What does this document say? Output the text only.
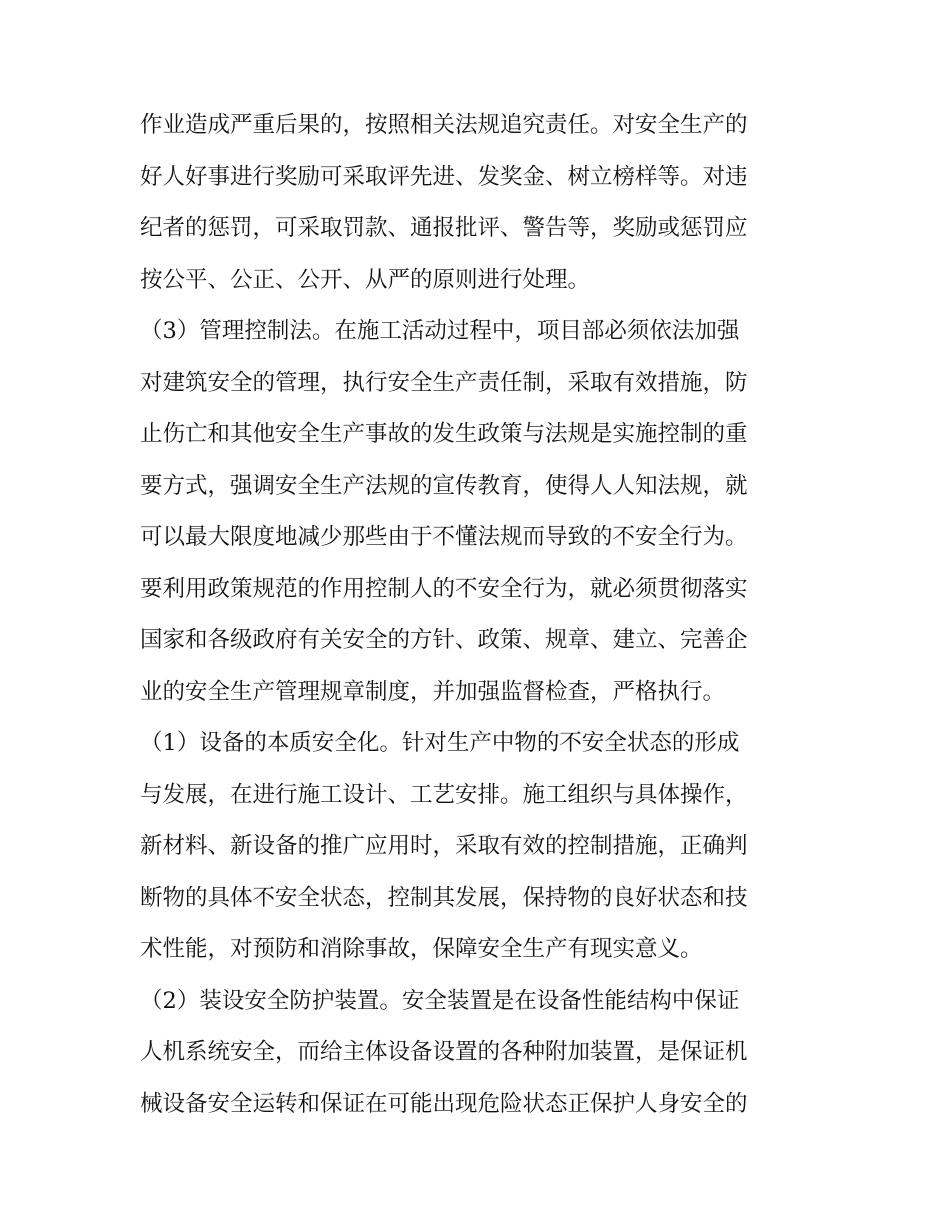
作业造成严重后果的，按照相关法规追究责任。对安全生产的
好人好事进行奖励可采取评先进、发奖金、树立榜样等。对违
纪者的惩罚，可采取罚款、通报批评、警告等，奖励或惩罚应
按公平、公正、公开、从严的原则进行处理。
（3）管理控制法。在施工活动过程中，项目部必须依法加强
对建筑安全的管理，执行安全生产责任制，采取有效措施，防
止伤亡和其他安全生产事故的发生政策与法规是实施控制的重
要方式，强调安全生产法规的宣传教育，使得人人知法规，就
可以最大限度地减少那些由于不懂法规而导致的不安全行为。
要利用政策规范的作用控制人的不安全行为，就必须贯彻落实
国家和各级政府有关安全的方针、政策、规章、建立、完善企
业的安全生产管理规章制度，并加强监督检查，严格执行。
（1）设备的本质安全化。针对生产中物的不安全状态的形成
与发展，在进行施工设计、工艺安排。施工组织与具体操作，
新材料、新设备的推广应用时，采取有效的控制措施，正确判
断物的具体不安全状态，控制其发展，保持物的良好状态和技
术性能，对预防和消除事故，保障安全生产有现实意义。
（2）装设安全防护装置。安全装置是在设备性能结构中保证
人机系统安全，而给主体设备设置的各种附加装置，是保证机
械设备安全运转和保证在可能出现危险状态正保护人身安全的
